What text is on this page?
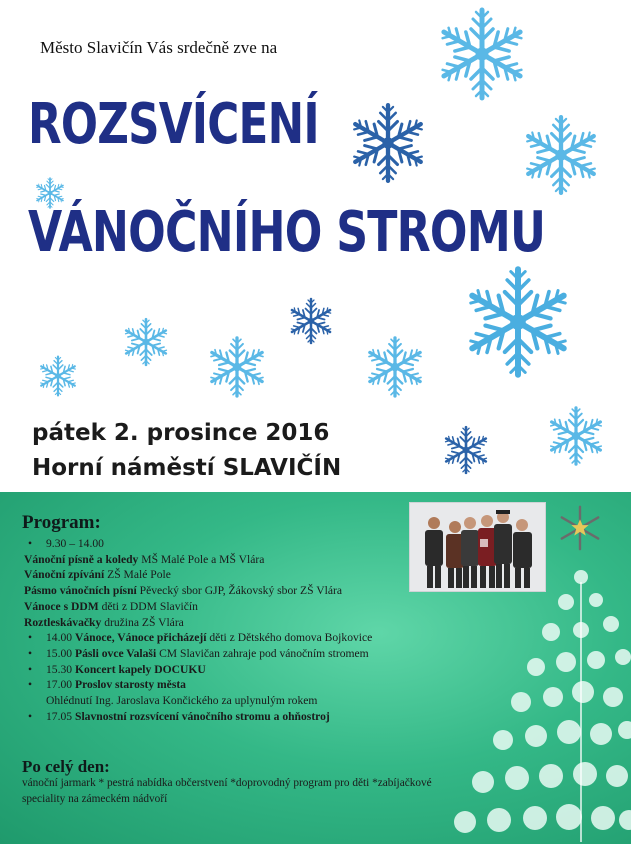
Město Slavičín Vás srdečně zve na
ROZSVÍCENÍ
VÁNOČNÍHO STROMU
pátek 2. prosince 2016
Horní náměstí SLAVIČÍN
Program:
• 9.30 – 14.00
Vánoční písně a koledy MŠ Malé Pole a MŠ Vlára
Vánoční zpívání ZŠ Malé Pole
Pásmo vánočních písní Pěvecký sbor GJP, Žákovský sbor ZŠ Vlára
Vánoce s DDM děti z DDM Slavičín
Roztleskávačky družina ZŠ Vlára
• 14.00 Vánoce, Vánoce přicházejí děti z Dětského domova Bojkovice
• 15.00 Pásli ovce Valaši CM Slavičan zahraje pod vánočním stromem
• 15.30 Koncert kapely DOCUKU
• 17.00 Proslov starosty města
Ohlédnutí Ing. Jaroslava Končického za uplynulým rokem
• 17.05 Slavnostní rozsvícení vánočního stromu a ohňostroj
Po celý den:
vánoční jarmark * pestrá nabídka občerstvení *doprovodný program pro děti *zabíjačkové
speciality na zámeckém nádvoří
